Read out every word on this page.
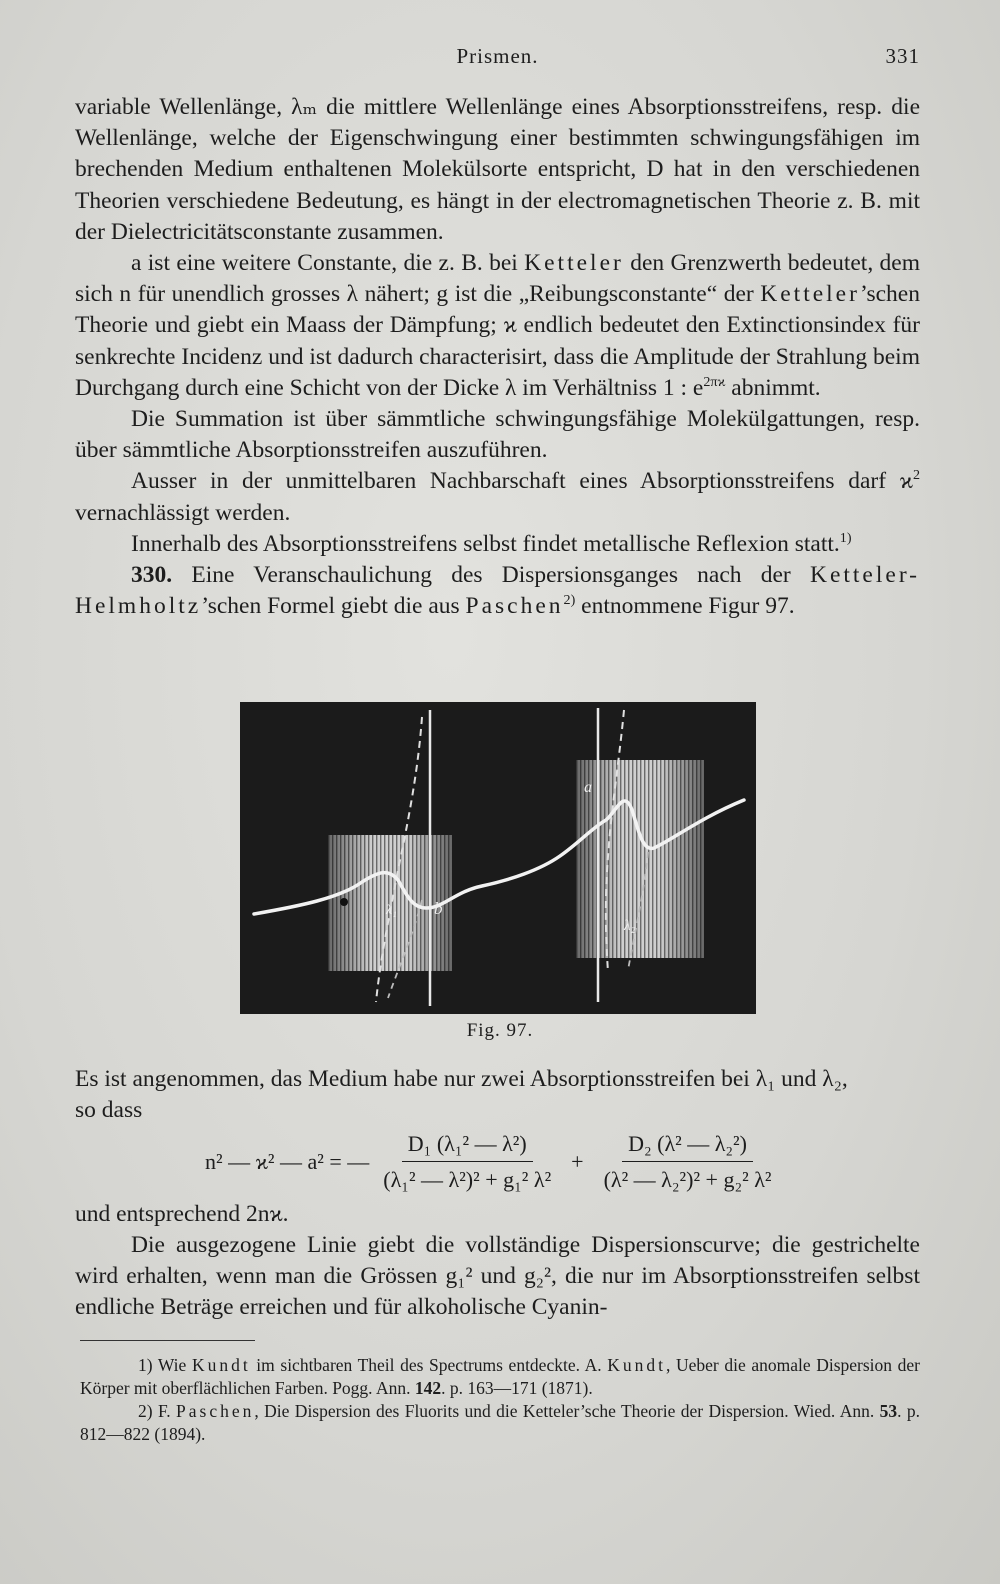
Prismen.	331

variable Wellenlänge, λₘ die mittlere Wellenlänge eines Absorptionsstreifens, resp. die Wellenlänge, welche der Eigenschwingung einer bestimmten schwingungsfähigen im brechenden Medium enthaltenen Molekülsorte entspricht, D hat in den verschiedenen Theorien verschiedene Bedeutung, es hängt in der electromagnetischen Theorie z. B. mit der Dielectricitätsconstante zusammen.

a ist eine weitere Constante, die z. B. bei Ketteler den Grenzwerth bedeutet, dem sich n für unendlich grosses λ nähert; g ist die „Reibungsconstante“ der Ketteler’schen Theorie und giebt ein Maass der Dämpfung; ϰ endlich bedeutet den Extinctionsindex für senkrechte Incidenz und ist dadurch characterisirt, dass die Amplitude der Strahlung beim Durchgang durch eine Schicht von der Dicke λ im Verhältniss 1 : $e^{2\pi ϰ}$ abnimmt.

Die Summation ist über sämmtliche schwingungsfähige Molekülgattungen, resp. über sämmtliche Absorptionsstreifen auszuführen.

Ausser in der unmittelbaren Nachbarschaft eines Absorptionsstreifens darf $ϰ^2$ vernachlässigt werden.

Innerhalb des Absorptionsstreifens selbst findet metallische Reflexion statt.$^{1)}$

330. Eine Veranschaulichung des Dispersionsganges nach der Ketteler-Helmholtz’schen Formel giebt die aus Paschen$^{2)}$ entnommene Figur 97.

λ₁ b
a
λ₂
Fig. 97.

Es ist angenommen, das Medium habe nur zwei Absorptionsstreifen bei λ₁ und λ₂,

so dass

n² — ϰ² — a² = — $\frac{\text{D₁ (λ₁² — λ²)}}{\text{(λ₁² — λ²)² + g₁² λ²}} + \frac{\text{D₂ (λ² — λ₂²)}}{\text{(λ² — λ₂²)² + g₂² λ²}}$

und entsprechend 2nϰ.

Die ausgezogene Linie giebt die vollständige Dispersionscurve; die gestrichelte wird erhalten, wenn man die Grössen g₁² und g₂², die nur im Absorptionsstreifen selbst endliche Beträge erreichen und für alkoholische Cyanin-

1) Wie Kundt im sichtbaren Theil des Spectrums entdeckte. A. Kundt, Ueber die anomale Dispersion der Körper mit oberflächlichen Farben. Pogg. Ann. 142. p. 163—171 (1871).

2) F. Paschen, Die Dispersion des Fluorits und die Ketteler’sche Theorie der Dispersion. Wied. Ann. 53. p. 812—822 (1894).
